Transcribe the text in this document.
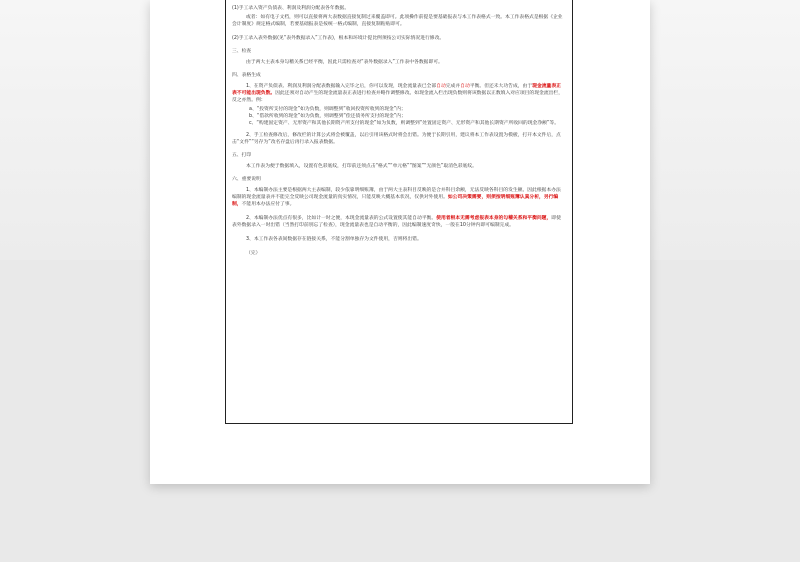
(1)手工录入资产负债表、利润及利润分配表各年数据。

或者：如有电子文档，则可以直接将两大表数据直接复制过来覆盖即可。此项操作前提是要基础报表与本工作表格式一致。本工作表格式是根据《企业会计制度》规定格式编制，若要基础报表是按统一格式编制，直接复制粘贴即可。

(2)手工录入表外数据(见“表外数据录入”工作表)，根本和环境计提比例须按公司实际情况进行修改。

三、检查

由于两大主表本身勾稽关系已经平衡，因此只需检查对“表外数据录入”工作表中各数据即可。

四、表格生成

1、在资产负债表、利润及利润分配表数据输入完毕之后，你可以发现，现金流量表已全部自动完成并自动平衡。但还未大功告成，由于现金流量表正表不可能出现负数。因此还须对自动产生的现金流量表正表进行检查并略作调整修改。如现金流入栏出现负数则将该数据以正数填入对应项目的现金流出栏，反之亦然。例：

a、“投资所支付的现金”如为负数，则调整到“收回投资所收到的现金”内；

b、“借款所收到的现金”如为负数，则调整到“偿还债务所支付的现金”内；

c、“购建固定资产、无形资产和其他长期资产所支付的现金”如为负数，则调整到“处置固定资产、无形资产和其他长期资产所收回的现金净额”等。

2、手工检查修改后，修改栏的计算公式将会被覆盖，以后引用该格式时将会出错。为便于长期引用，建议将本工作表设置为模板，打开本文件后，点击“文件”“另存为”改名存盘后再行录入报表数据。

五、打印

本工作表为便于数据填入，设置有色彩底纹，打印前还须点击“格式”“单元格”“图案”“无颜色”取消色彩底纹。

六、重要说明

1、本编制办法主要是根据两大主表编制，较少依靠明细账簿，由于两大主表科目反映的是合并科目余额，无法反映各科目的发生额。因此根据本办法编制的现金流量表并不能完全反映公司现金流量的真实情况，只能反映大概基本状况，仅供对外使用。如公司决策需要，则须按明细账簿认真分析，另行编制，不能用本办法应付了事。

2、本编制办法优点有很多，比如计一时之便，本现金流量表的公式设置使其能自动平衡。使用者根本无需考虑报表本身的勾稽关系和平衡问题，即使表外数据录入一时出错（当然打印前别忘了检查），现金流量表也是自动平衡的，因此编制速度奇快，一般在10分钟内即可编制完成。

3、本工作表各表间数据存在链接关系，不能分割单独存为文件使用，否则将出错。

（完）
